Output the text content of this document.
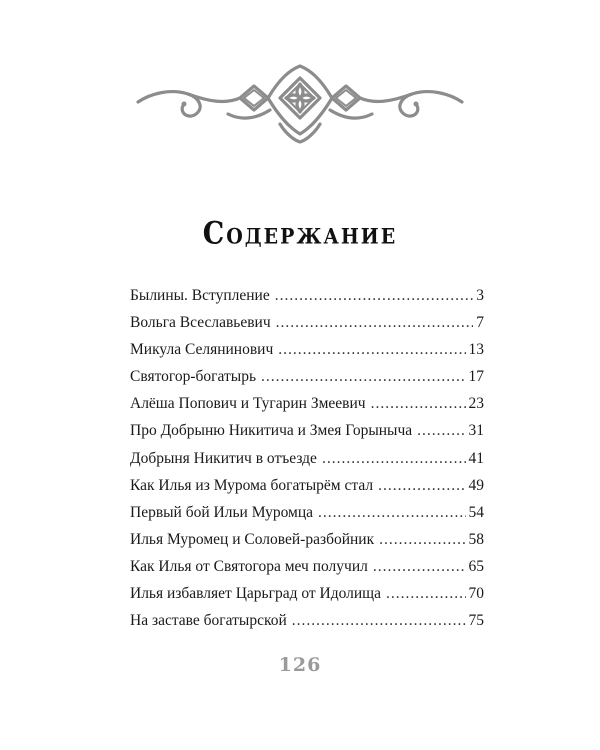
Содержание
Былины. Вступление .....	3
Вольга Всеславьевич .....	7
Микула Селянинович .....	13
Святогор-богатырь .....	17
Алёша Попович и Тугарин Змеевич .....	23
Про Добрыню Никитича и Змея Горыныча .....	31
Добрыня Никитич в отъезде .....	41
Как Илья из Мурома богатырём стал .....	49
Первый бой Ильи Муромца .....	54
Илья Муромец и Соловей-разбойник .....	58
Как Илья от Святогора меч получил .....	65
Илья избавляет Царьград от Идолища .....	70
На заставе богатырской .....	75
126
